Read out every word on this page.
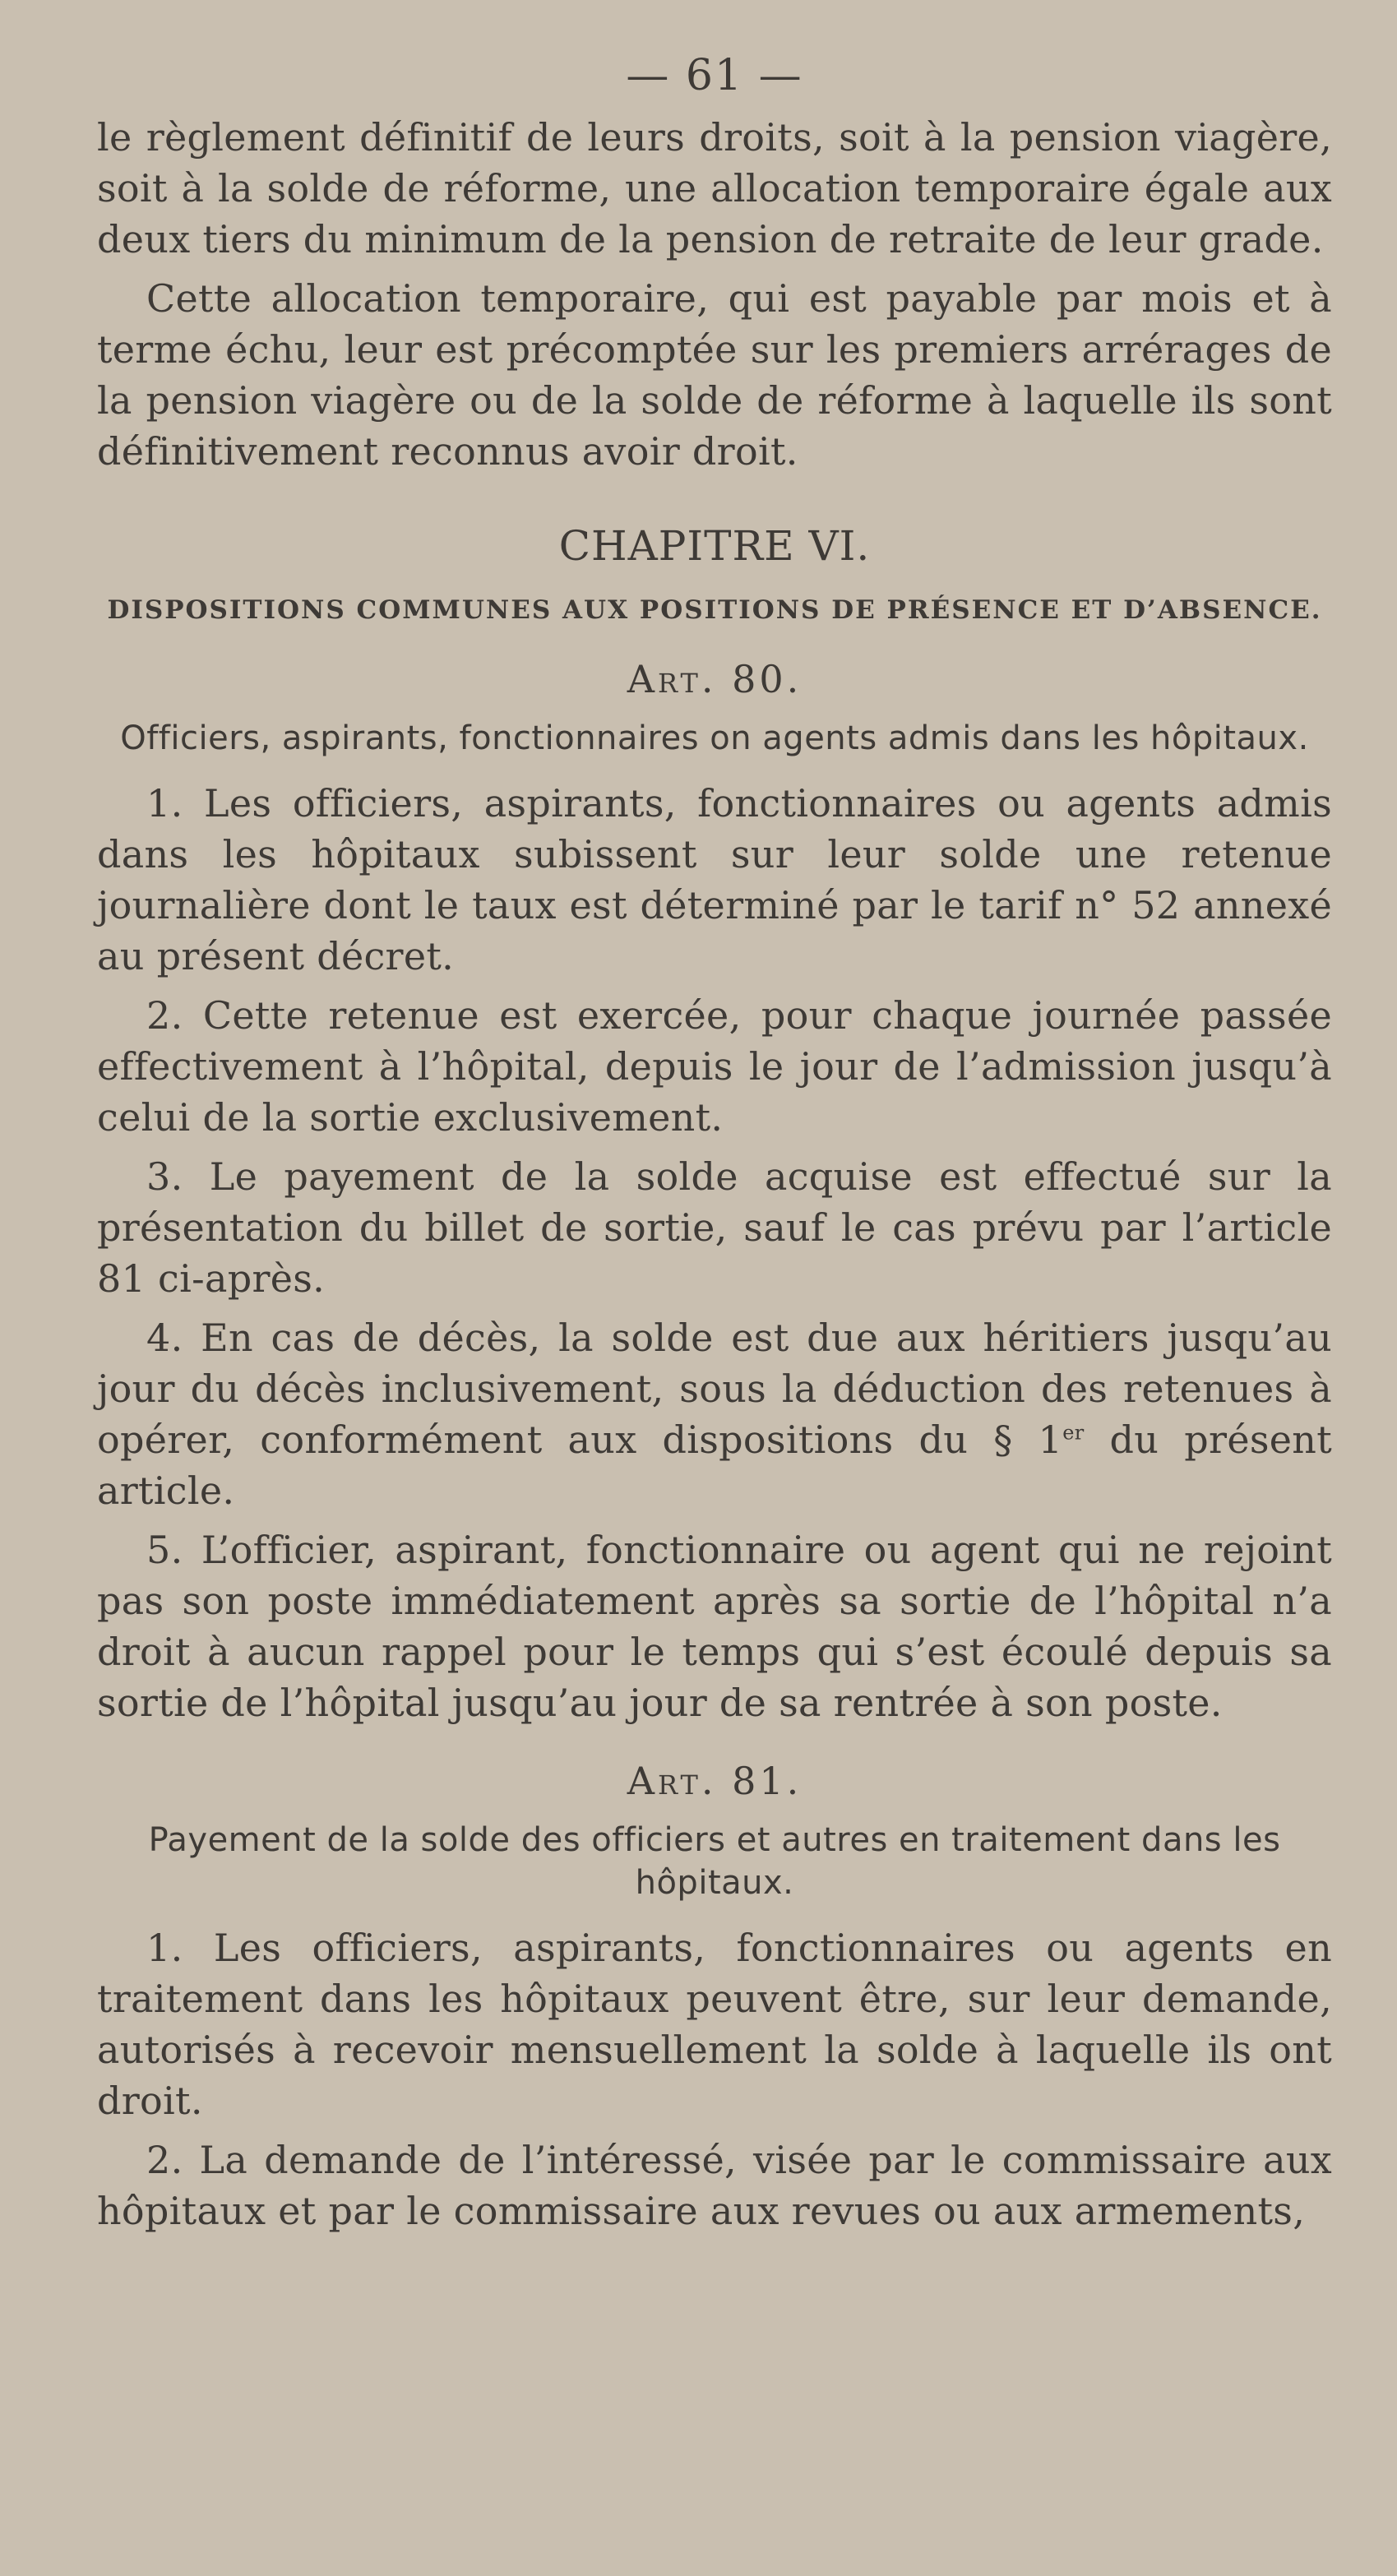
— 61 —

le règlement définitif de leurs droits, soit à la pension viagère, soit à la solde de réforme, une allocation temporaire égale aux deux tiers du minimum de la pension de retraite de leur grade.

Cette allocation temporaire, qui est payable par mois et à terme échu, leur est précomptée sur les premiers arrérages de la pension viagère ou de la solde de réforme à laquelle ils sont définitivement reconnus avoir droit.

CHAPITRE VI.
DISPOSITIONS COMMUNES AUX POSITIONS DE PRÉSENCE ET D’ABSENCE.
Art. 80.
Officiers, aspirants, fonctionnaires on agents admis dans les hôpitaux.

1. Les officiers, aspirants, fonctionnaires ou agents admis dans les hôpitaux subissent sur leur solde une retenue journalière dont le taux est déterminé par le tarif n° 52 annexé au présent décret.

2. Cette retenue est exercée, pour chaque journée passée effectivement à l’hôpital, depuis le jour de l’admission jusqu’à celui de la sortie exclusivement.

3. Le payement de la solde acquise est effectué sur la présentation du billet de sortie, sauf le cas prévu par l’article 81 ci-après.

4. En cas de décès, la solde est due aux héritiers jusqu’au jour du décès inclusivement, sous la déduction des retenues à opérer, conformément aux dispositions du § 1er du présent article.

5. L’officier, aspirant, fonctionnaire ou agent qui ne rejoint pas son poste immédiatement après sa sortie de l’hôpital n’a droit à aucun rappel pour le temps qui s’est écoulé depuis sa sortie de l’hôpital jusqu’au jour de sa rentrée à son poste.

Art. 81.
Payement de la solde des officiers et autres en traitement dans les hôpitaux.

1. Les officiers, aspirants, fonctionnaires ou agents en traitement dans les hôpitaux peuvent être, sur leur demande, autorisés à recevoir mensuellement la solde à laquelle ils ont droit.

2. La demande de l’intéressé, visée par le commissaire aux hôpitaux et par le commissaire aux revues ou aux armements,
